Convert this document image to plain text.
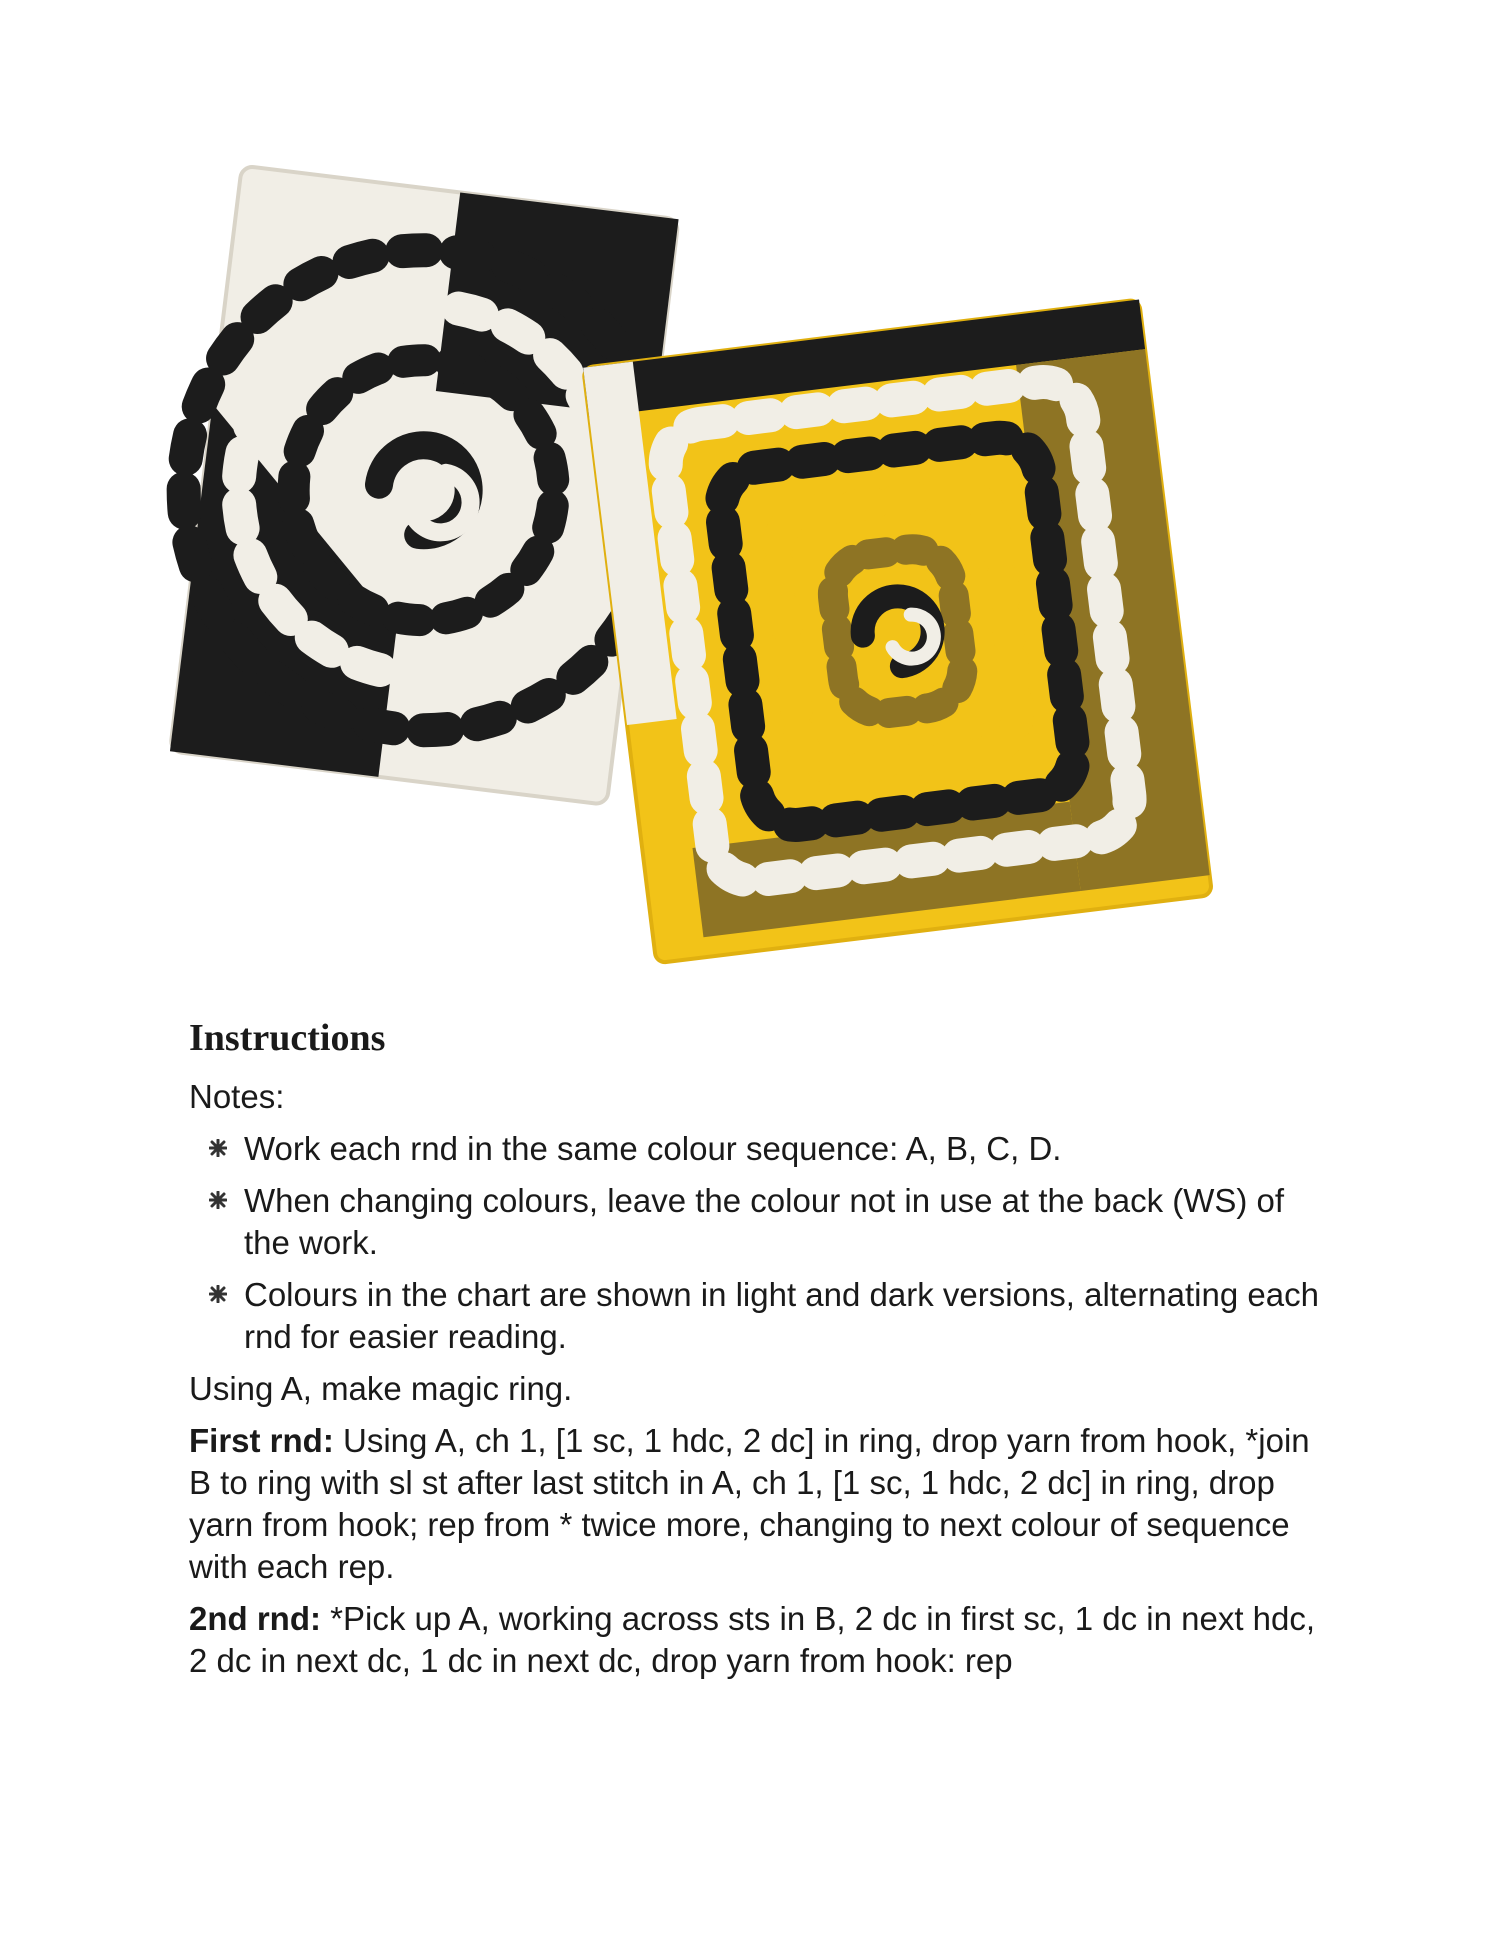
Instructions

Notes:

Work each rnd in the same colour sequence: A, B, C, D.
When changing colours, leave the colour not in use at the back (WS) of the work.
Colours in the chart are shown in light and dark versions, alternating each rnd for easier reading.

Using A, make magic ring.

First rnd: Using A, ch 1, [1 sc, 1 hdc, 2 dc] in ring, drop yarn from hook, *join B to ring with sl st after last stitch in A, ch 1, [1 sc, 1 hdc, 2 dc] in ring, drop yarn from hook; rep from * twice more, changing to next colour of sequence with each rep.

2nd rnd: *Pick up A, working across sts in B, 2 dc in first sc, 1 dc in next hdc, 2 dc in next dc, 1 dc in next dc, drop yarn from hook: rep
